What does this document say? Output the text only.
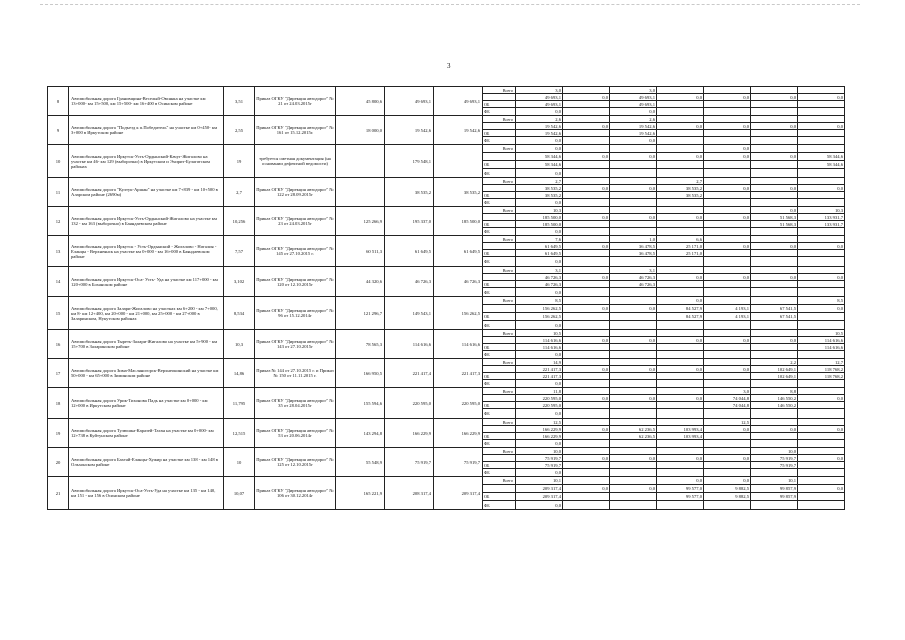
3
8	Автомобильная дорога Грановщина-Веселый-Овсянка на участке км 13+000- км 15+500, км 15+500- км 16+400 в Осинском районе	3,51	Приказ ОГКУ "Дирекция автодорог" № 21 от 24.03.2015г	45 800,6	49 693,1	49 693,1	Всего	3,0		3,0				
								49 693,1	0,0	49 693,1	0,0	0,0	0,0	0,0
							ОБ	49 693,1		49 693,1				
							ФБ	0,0		0,0				
9	Автомобильная дорога "Подъезд к п.Победитель" на участке км 0+450- км 3+000 в Иркутском районе	2,55	Приказ ОГКУ "Дирекция автодорог" № 161 от 15.12.2015г.	18 000,0	19 542,6	19 542,6	Всего	2,6		2,6				
								19 542,6	0,0	19 542,6	0,0	0,0	0,0	0,0
							ОБ	19 542,6		19 542,6				
							ФБ	0,0		0,0				
10	Автомобильная дорога Иркутск-Усть-Ордынский-Качуг-Жигалово на участке км 46- км 129 (выборочно) в Иркутском и Эхирит-Булагатском районах	19	требуется сметная документация (на основании дефектной ведомости)		179 548,1		Всего	0,0				0,0		
								58 344,6	0,0	0,0	0,0	0,0	0,0	58 344,6
							ОБ	58 344,6						58 344,6
							ФБ	0,0						
11	Автомобильная дорога "Култук-Аршан" на участке км 7+839 - км 10+500 в Аларском районе (2690м)	2,7	Приказ ОГКУ "Дирекция автодорог" № 122 от 28.09.2015г		38 535,2	38 535,2	Всего	2,7			2,7			
								38 535,2	0,0	0,0	38 535,2	0,0	0,0	0,0
							ОБ	38 535,2			38 535,2			
							ФБ	0,0						
12	Автомобильная дорога Иркутск-Усть-Ордынский-Жигалово на участке км 132 - км 163 (выборочно) в Баяндаевском районе	10,256	Приказ ОГКУ "Дирекция автодорог" № 23 от 24.03.2015г	125 266,9	195 337,0	185 500,0	Всего	10,3					0,0	10,3
								185 500,0	0,0	0,0	0,0	0,0	51 568,3	133 931,7
							ОБ	185 500,0					51 568,3	133 931,7
							ФБ	0,0						
13	Автомобильная дорога Иркутск - Усть-Ордынский - Жигалово - Наталия - Еланцы - Верхнеянск на участке км 0+000 - км 16+000 в Баяндаевском районе	7,57	Приказ ОГКУ "Дирекция автодорог" № 145 от 27.10.2015 г.	60 511,3	61 649,5	61 649,5	Всего	7,6		1,0	6,6			
								61 649,5	0,0	36 478,5	25 171,0	0,0	0,0	0,0
							ОБ	61 649,5		36 478,5	25 171,0			
							ФБ	0,0						
14	Автомобильная дорога Иркутск-Оса- Усть- Уда на участке км 117+000 - км 120+000 в Боханском районе	3,102	Приказ ОГКУ "Дирекция автодорог" № 120 от 12.10.2015г	44 320,6	46 726,3	46 726,3	Всего	3,1		3,1				
								46 726,3	0,0	46 726,3	0,0	0,0	0,0	0,0
							ОБ	46 726,3		46 726,3				
							ФБ	0,0						
15	Автомобильная дорога Залари-Жигалово на участках км 6+200 - км 7+000, км 8- км 12+400, км 20+000 - км 21+000, км 25+000 - км 27+000 в Заларинском, Нукутском районах	8,534	Приказ ОГКУ "Дирекция автодорог" № 96 от 15.12.2014г	121 296,7	149 543,1	156 262,5	Всего	8,5			0,0			8,5
								156 262,5	0,0	0,0	84 527,9	4 193,1	67 541,5	0,0
							ОБ	156 262,5			84 527,9	4 193,1	67 541,5	
							ФБ	0,0						
16	Автомобильная дорога Тыреть-Залари-Жигалово на участке км 5+900 - км 15+700 в Заларинском районе	10,3	Приказ ОГКУ "Дирекция автодорог" № 143 от 27.10.2015г	78 565,3	114 616,6	114 616,6	Всего	10,5						10,5
								114 616,6	0,0	0,0	0,0	0,0	0,0	114 616,6
							ОБ	114 616,6						114 616,6
							ФБ	0,0						
17	Автомобильная дорога Зима-Масляногорск-Верхнеокинский на участке км 50+000 - км 65+000 в Зиминском районе	14,86	Приказ № 144 от 27.10.2015 г. и Приказ № 150 от 11.11.2015 г.	166 950,5	221 417,4	221 417,3	Всего	14,9					2,2	12,7
								221 417,3	0,0	0,0	0,0	0,0	102 649,1	118 768,2
							ОБ	221 417,3					102 649,1	118 768,2
							ФБ	0,0						
18	Автомобильная дорога Урик-Тихонова Падь на участке км 0+000 - км 12+000 в Иркутском районе	11,795	Приказ ОГКУ "Дирекция автодорог" № 35 от 28.04.2015г	155 594,6	220 595,0	220 595,0	Всего	11,8				3,0	8,8	
								220 595,0	0,0	0,0	0,0	74 044,8	146 550,2	0,0
							ОБ	220 595,0				74 044,8	146 550,2	
							ФБ	0,0						
19	Автомобильная дорога Тулюшка-Каразей-Таган на участке км 0+000- км 12+738 в Куйтунском районе	12,515	Приказ ОГКУ "Дирекция автодорог" № 53 от 20.06.2014г	143 294,8	166 229,9	166 229,9	Всего	12,5				12,5		
								166 229,9	0,0	62 236,5	103 993,4	0,0	0,0	0,0
							ОБ	166 229,9		62 236,5	103 993,4			
							ФБ	0,0						
20	Автомобильная дорога Бахтай-Еланцы-Хужир на участке км 138 - км 148 в Ольхонском районе	10	Приказ ОГКУ "Дирекция автодорог" № 125 от 12.10.2015г	55 548,9	75 919,7	75 919,7	Всего	10,0					10,0	
								75 919,7	0,0	0,0	0,0	0,0	75 919,7	0,0
							ОБ	75 919,7					75 919,7	
							ФБ	0,0						
21	Автомобильная дорога Иркутск-Оса-Усть-Уда на участке км 135 - км 140, км 151 - км 156 в Осинском районе	10,07	Приказ ОГКУ "Дирекция автодорог" № 106 от 30.12.2014г	165 221,9	208 317,4	209 317,4	Всего	10,1			0,0	0,0	10,1	
								209 317,4	0,0	0,0	99 577,0	9 882,5	99 857,9	0,0
							ОБ	209 317,4			99 577,0	9 882,5	99 857,9	
							ФБ	0,0						
